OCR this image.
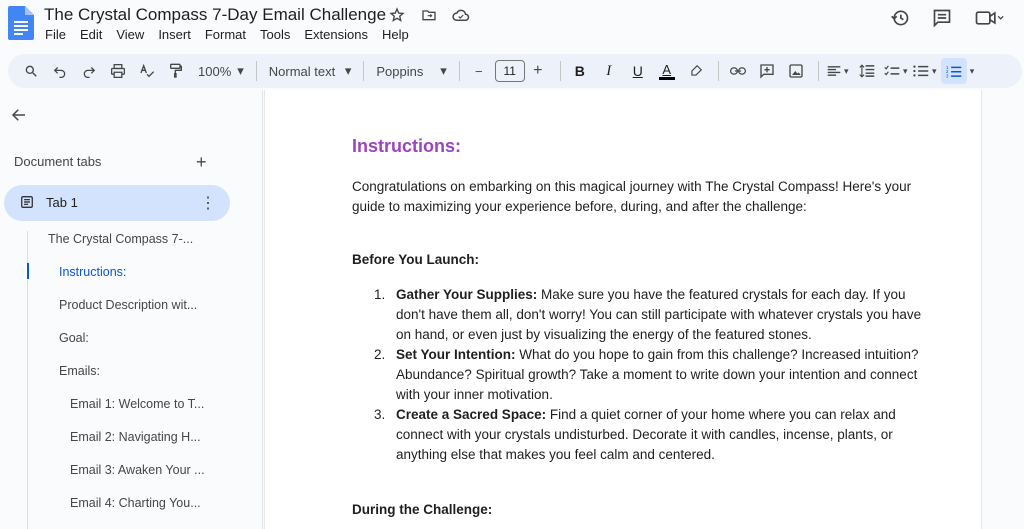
The Crystal Compass 7-Day Email Challenge
File	Edit	View	Insert	Format	Tools	Extensions	Help
100% ▾ Normal text ▾ Poppins ▾	−	11	+	B	I	U	A	▾	▾	▾ 1
2
3
▾
Document tabs	+
Tab 1	⋮
The Crystal Compass 7-...
Instructions:
Product Description wit...
Goal:
Emails:
Email 1: Welcome to T...
Email 2: Navigating H...
Email 3: Awaken Your ...
Email 4: Charting You...
Instructions:
Congratulations on embarking on this magical journey with The Crystal Compass! Here's your guide to maximizing your experience before, during, and after the challenge:
Before You Launch:
1. Gather Your Supplies: Make sure you have the featured crystals for each day. If you don't have them all, don't worry! You can still participate with whatever crystals you have on hand, or even just by visualizing the energy of the featured stones.
2. Set Your Intention: What do you hope to gain from this challenge? Increased intuition? Abundance? Spiritual growth? Take a moment to write down your intention and connect with your inner motivation.
3. Create a Sacred Space: Find a quiet corner of your home where you can relax and connect with your crystals undisturbed. Decorate it with candles, incense, plants, or anything else that makes you feel calm and centered.
During the Challenge:
